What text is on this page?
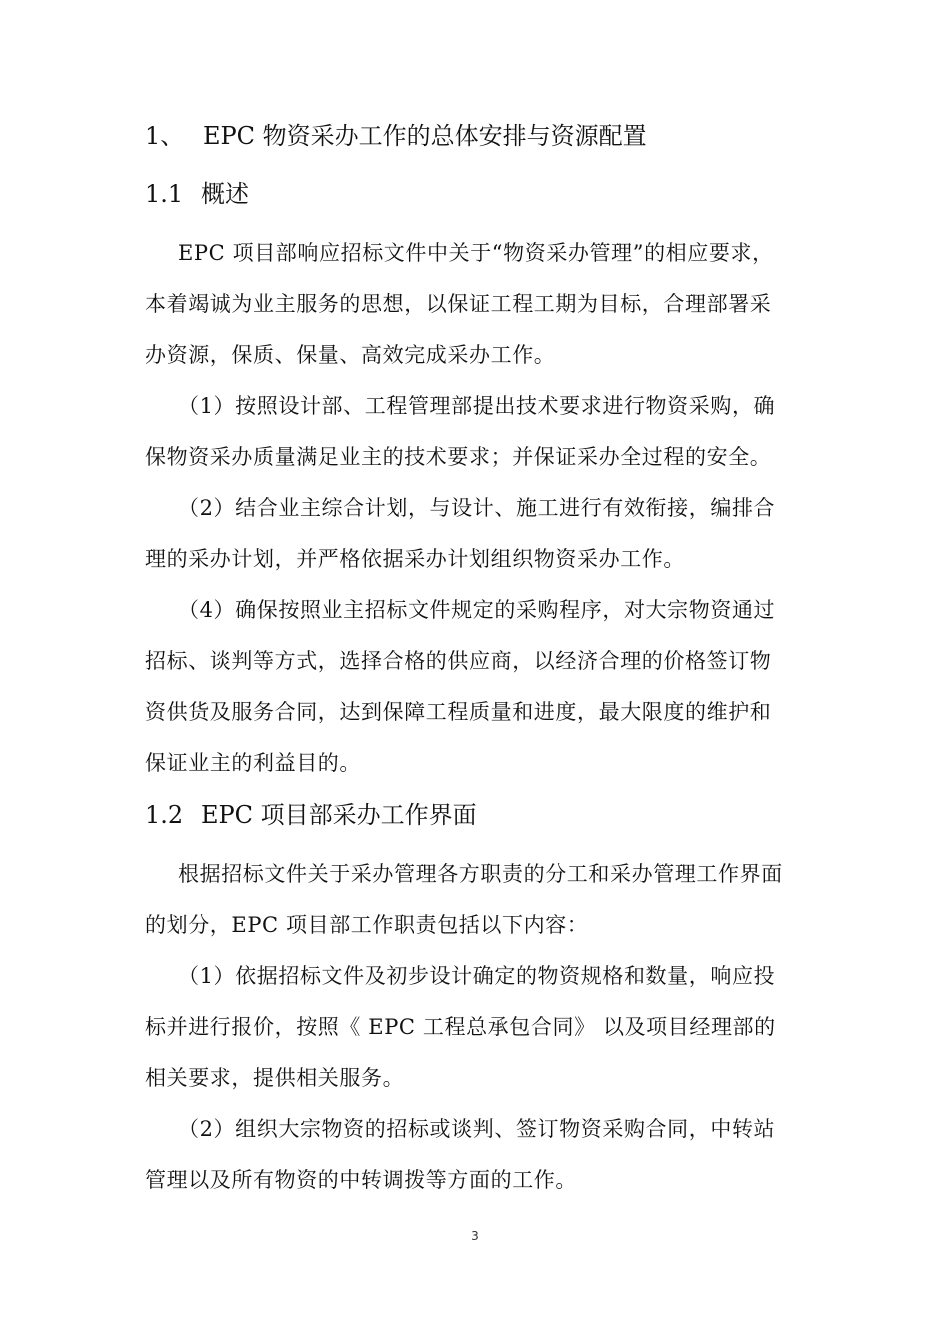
1、 EPC 物资采办工作的总体安排与资源配置
1.1 概述

EPC 项目部响应招标文件中关于“物资采办管理”的相应要求，
本着竭诚为业主服务的思想，以保证工程工期为目标，合理部署采
办资源，保质、保量、高效完成采办工作。

（1）按照设计部、工程管理部提出技术要求进行物资采购，确
保物资采办质量满足业主的技术要求；并保证采办全过程的安全。

（2）结合业主综合计划，与设计、施工进行有效衔接，编排合
理的采办计划，并严格依据采办计划组织物资采办工作。

（4）确保按照业主招标文件规定的采购程序，对大宗物资通过
招标、谈判等方式，选择合格的供应商，以经济合理的价格签订物
资供货及服务合同，达到保障工程质量和进度，最大限度的维护和
保证业主的利益目的。

1.2 EPC 项目部采办工作界面

根据招标文件关于采办管理各方职责的分工和采办管理工作界面
的划分，EPC 项目部工作职责包括以下内容：

（1）依据招标文件及初步设计确定的物资规格和数量，响应投
标并进行报价，按照《 EPC 工程总承包合同》 以及项目经理部的
相关要求，提供相关服务。

（2）组织大宗物资的招标或谈判、签订物资采购合同，中转站
管理以及所有物资的中转调拨等方面的工作。

3
